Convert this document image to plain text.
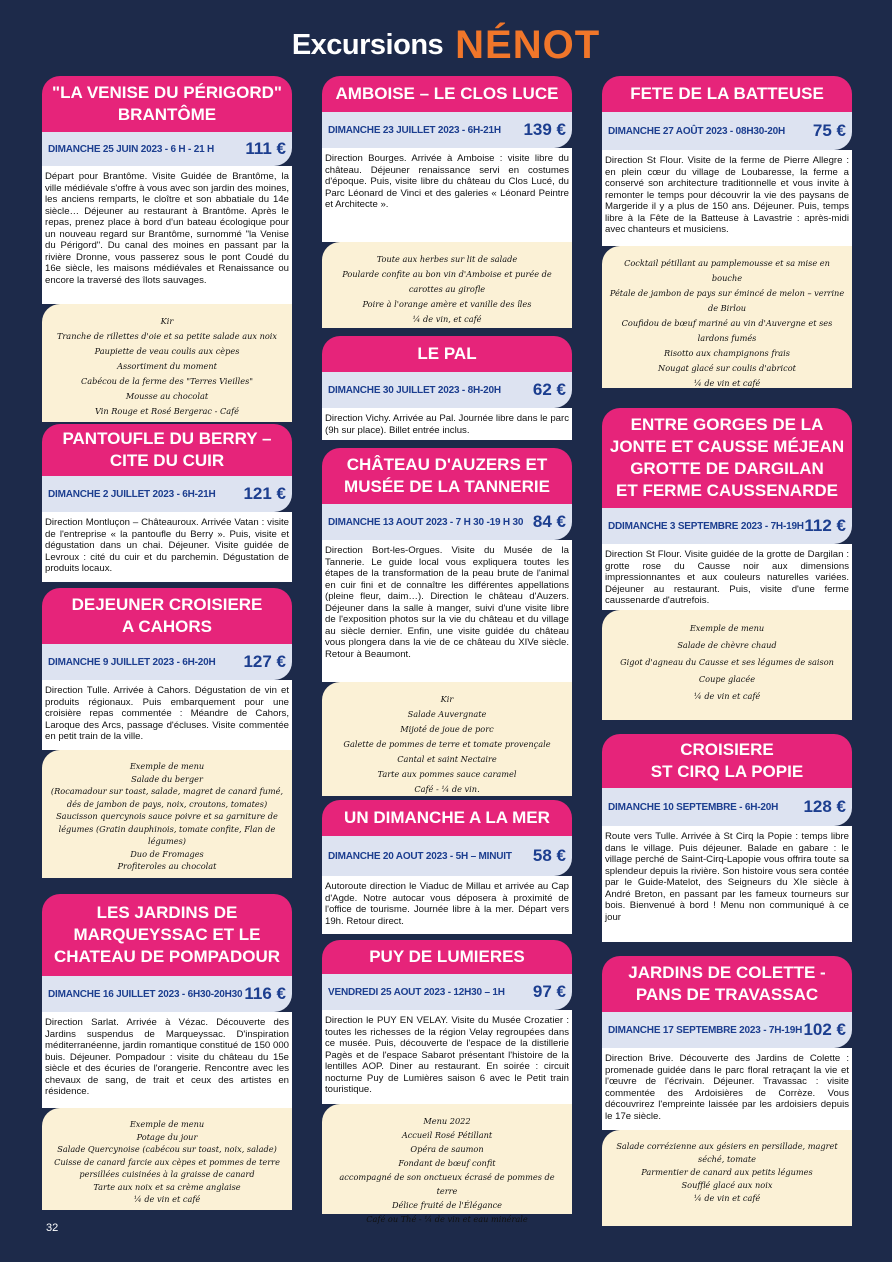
Excursions NÉNOT
"LA VENISE DU PÉRIGORD"
BRANTÔME
DIMANCHE 25 JUIN 2023 - 6 H - 21 H 111 €
Départ pour Brantôme. Visite Guidée de Brantôme, la ville médiévale s'offre à vous avec son jardin des moines, les anciens remparts, le cloître et son abbatiale du 14e siècle… Déjeuner au restaurant à Brantôme. Après le repas, prenez place à bord d'un bateau écologique pour un nouveau regard sur Brantôme, surnommé "la Venise du Périgord". Du canal des moines en passant par la rivière Dronne, vous passerez sous le pont Coudé du 16e siècle, les maisons médiévales et Renaissance ou encore la traversé des îlots sauvages.
Kir
Tranche de rillettes d'oie et sa petite salade aux noix
Paupiette de veau coulis aux cèpes
Assortiment du moment
Cabécou de la ferme des "Terres Vieilles"
Mousse au chocolat
Vin Rouge et Rosé Bergerac - Café
PANTOUFLE DU BERRY –
CITE DU CUIR
DIMANCHE 2 JUILLET 2023 - 6H-21H 121 €
Direction Montluçon – Châteauroux. Arrivée Vatan : visite de l'entreprise « la pantoufle du Berry ». Puis, visite et dégustation dans un chai. Déjeuner. Visite guidée de Levroux : cité du cuir et du parchemin. Dégustation de produits locaux.
DEJEUNER CROISIERE
A CAHORS
DIMANCHE 9 JUILLET 2023 - 6H-20H 127 €
Direction Tulle. Arrivée à Cahors. Dégustation de vin et produits régionaux. Puis embarquement pour une croisière repas commentée : Méandre de Cahors, Laroque des Arcs, passage d'écluses. Visite commentée en petit train de la ville.
Exemple de menu
Salade du berger
(Rocamadour sur toast, salade, magret de canard fumé, dés de jambon de pays, noix, croutons, tomates)
Saucisson quercynois sauce poivre et sa garniture de légumes (Gratin dauphinois, tomate confite, Flan de légumes)
Duo de Fromages
Profiteroles au chocolat
LES JARDINS DE
MARQUEYSSAC ET LE
CHATEAU DE POMPADOUR
DIMANCHE 16 JUILLET 2023 - 6H30-20H30 116 €
Direction Sarlat. Arrivée à Vézac. Découverte des Jardins suspendus de Marqueyssac. D'inspiration méditerranéenne, jardin romantique constitué de 150 000 buis. Déjeuner. Pompadour : visite du château du 15e siècle et des écuries de l'orangerie. Rencontre avec les chevaux de sang, de trait et ceux des artistes en résidence.
Exemple de menu
Potage du jour
Salade Quercynoise (cabécou sur toast, noix, salade)
Cuisse de canard farcie aux cèpes et pommes de terre persillées cuisinées à la graisse de canard
Tarte aux noix et sa crème anglaise
¼ de vin et café
AMBOISE – LE CLOS LUCE
DIMANCHE 23 JUILLET 2023 - 6H-21H 139 €
Direction Bourges. Arrivée à Amboise : visite libre du château. Déjeuner renaissance servi en costumes d'époque. Puis, visite libre du château du Clos Lucé, du Parc Léonard de Vinci et des galeries « Léonard Peintre et Architecte ».
Toute aux herbes sur lit de salade
Poularde confite au bon vin d'Amboise et purée de carottes au girofle
Poire à l'orange amère et vanille des îles
¼ de vin, et café
LE PAL
DIMANCHE 30 JUILLET 2023 - 8H-20H 62 €
Direction Vichy. Arrivée au Pal. Journée libre dans le parc (9h sur place). Billet entrée inclus.
CHÂTEAU D'AUZERS ET
MUSÉE DE LA TANNERIE
DIMANCHE 13 AOUT 2023 - 7 H 30 -19 H 30 84 €
Direction Bort-les-Orgues. Visite du Musée de la Tannerie. Le guide local vous expliquera toutes les étapes de la transformation de la peau brute de l'animal en cuir fini et de connaître les différentes appellations (pleine fleur, daim…). Direction le château d'Auzers. Déjeuner dans la salle à manger, suivi d'une visite libre de l'exposition photos sur la vie du château et du village au siècle dernier. Enfin, une visite guidée du château vous plongera dans la vie de ce château du XIVe siècle. Retour à Beaumont.
Kir
Salade Auvergnate
Mijoté de joue de porc
Galette de pommes de terre et tomate provençale
Cantal et saint Nectaire
Tarte aux pommes sauce caramel
Café - ¼ de vin.
UN DIMANCHE A LA MER
DIMANCHE 20 AOUT 2023 - 5H – MINUIT 58 €
Autoroute direction le Viaduc de Millau et arrivée au Cap d'Agde. Notre autocar vous déposera à proximité de l'office de tourisme. Journée libre à la mer. Départ vers 19h. Retour direct.
PUY DE LUMIERES
VENDREDI 25 AOUT 2023 - 12H30 – 1H 97 €
Direction le PUY EN VELAY. Visite du Musée Crozatier : toutes les richesses de la région Velay regroupées dans ce musée. Puis, découverte de l'espace de la distillerie Pagès et de l'espace Sabarot présentant l'histoire de la lentilles AOP. Diner au restaurant. En soirée : circuit nocturne Puy de Lumières saison 6 avec le Petit train touristique.
Menu 2022
Accueil Rosé Pétillant
Opéra de saumon
Fondant de bœuf confit
accompagné de son onctueux écrasé de pommes de terre
Délice fruité de l'Élégance
Café ou Thé - ¼ de vin et eau minérale
FETE DE LA BATTEUSE
DIMANCHE 27 AOÛT 2023 - 08H30-20H 75 €
Direction St Flour. Visite de la ferme de Pierre Allegre : en plein cœur du village de Loubaresse, la ferme a conservé son architecture traditionnelle et vous invite à remonter le temps pour découvrir la vie des paysans de Margeride il y a plus de 150 ans. Déjeuner. Puis, temps libre à la Fête de la Batteuse à Lavastrie : après-midi avec chanteurs et musiciens.
Cocktail pétillant au pamplemousse et sa mise en bouche
Pétale de jambon de pays sur émincé de melon – verrine de Birlou
Coufidou de bœuf mariné au vin d'Auvergne et ses lardons fumés
Risotto aux champignons frais
Nougat glacé sur coulis d'abricot
¼ de vin et café
ENTRE GORGES DE LA
JONTE ET CAUSSE MÉJEAN
GROTTE DE DARGILAN
ET FERME CAUSSENARDE
DDIMANCHE 3 SEPTEMBRE 2023 - 7H-19H 112 €
Direction St Flour. Visite guidée de la grotte de Dargilan : grotte rose du Causse noir aux dimensions impressionnantes et aux couleurs naturelles variées. Déjeuner au restaurant. Puis, visite d'une ferme caussenarde d'autrefois.
Exemple de menu
Salade de chèvre chaud
Gigot d'agneau du Causse et ses légumes de saison
Coupe glacée
¼ de vin et café
CROISIERE
ST CIRQ LA POPIE
DIMANCHE 10 SEPTEMBRE - 6H-20H 128 €
Route vers Tulle. Arrivée à St Cirq la Popie : temps libre dans le village. Puis déjeuner. Balade en gabare : le village perché de Saint-Cirq-Lapopie vous offrira toute sa splendeur depuis la rivière. Son histoire vous sera contée par le Guide-Matelot, des Seigneurs du XIe siècle à André Breton, en passant par les fameux tourneurs sur bois. Bienvenué à bord ! Menu non communiqué à ce jour
JARDINS DE COLETTE -
PANS DE TRAVASSAC
DIMANCHE 17 SEPTEMBRE 2023 - 7H-19H 102 €
Direction Brive. Découverte des Jardins de Colette : promenade guidée dans le parc floral retraçant la vie et l'œuvre de l'écrivain. Déjeuner. Travassac : visite commentée des Ardoisières de Corrèze. Vous découvrirez l'empreinte laissée par les ardoisiers depuis le 17e siècle.
Salade corrézienne aux gésiers en persillade, magret séché, tomate
Parmentier de canard aux petits légumes
Soufflé glacé aux noix
¼ de vin et café
32
